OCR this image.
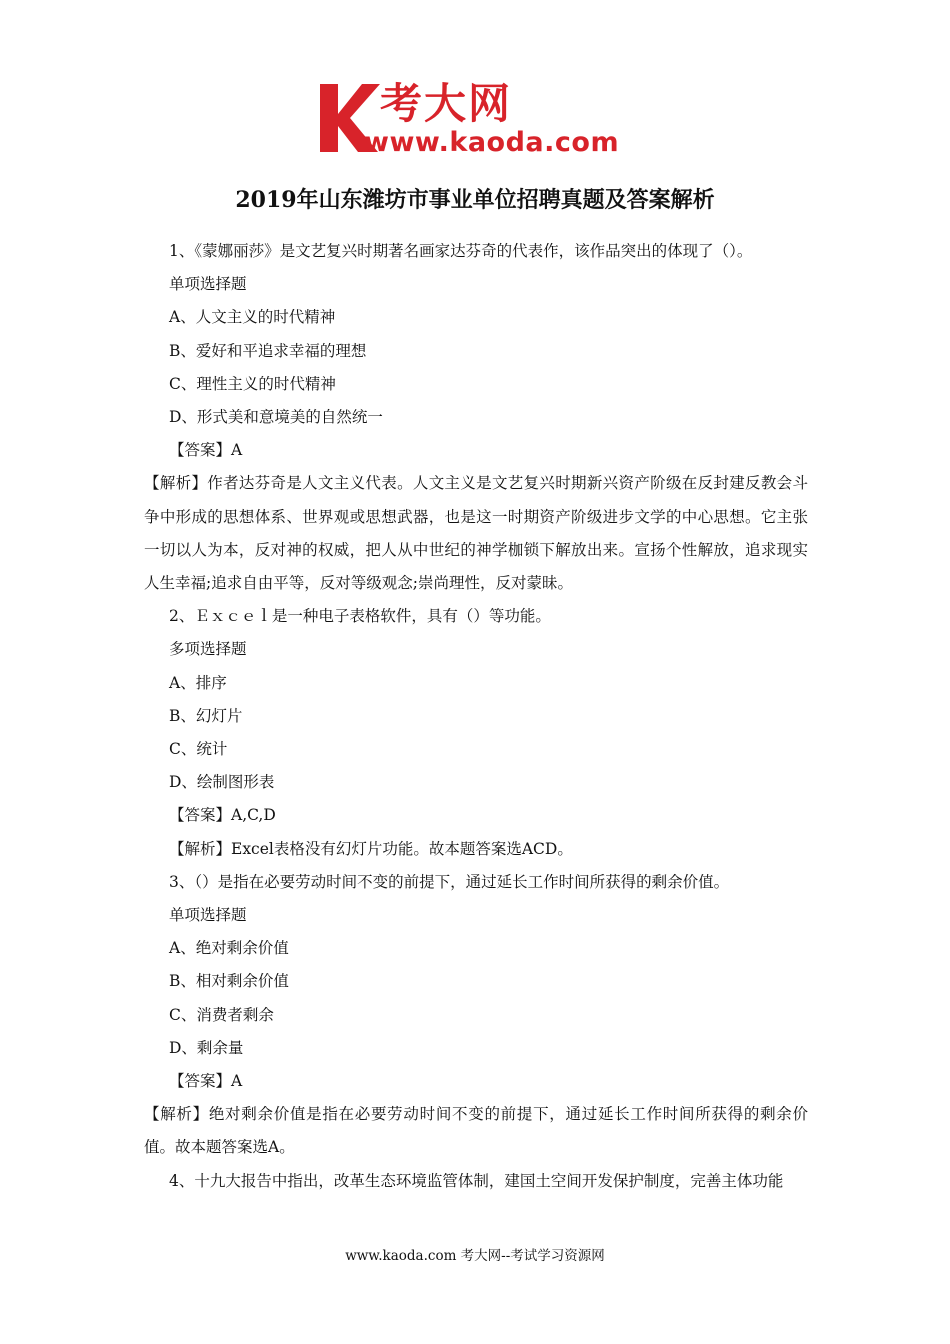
考大网
www.kaoda.com
2019年山东潍坊市事业单位招聘真题及答案解析

1、《蒙娜丽莎》是文艺复兴时期著名画家达芬奇的代表作，该作品突出的体现了（）。

单项选择题

A、人文主义的时代精神

B、爱好和平追求幸福的理想

C、理性主义的时代精神

D、形式美和意境美的自然统一

【答案】A

【解析】作者达芬奇是人文主义代表。人文主义是文艺复兴时期新兴资产阶级在反封建反教会斗争中形成的思想体系、世界观或思想武器，也是这一时期资产阶级进步文学的中心思想。它主张一切以人为本，反对神的权威，把人从中世纪的神学枷锁下解放出来。宣扬个性解放，追求现实人生幸福;追求自由平等，反对等级观念;崇尚理性，反对蒙昧。

2、Ｅｘｃｅｌ是一种电子表格软件，具有（）等功能。

多项选择题

A、排序

B、幻灯片

C、统计

D、绘制图形表

【答案】A,C,D

【解析】Excel表格没有幻灯片功能。故本题答案选ACD。

3、（）是指在必要劳动时间不变的前提下，通过延长工作时间所获得的剩余价值。

单项选择题

A、绝对剩余价值

B、相对剩余价值

C、消费者剩余

D、剩余量

【答案】A

【解析】绝对剩余价值是指在必要劳动时间不变的前提下，通过延长工作时间所获得的剩余价值。故本题答案选A。

4、十九大报告中指出，改革生态环境监管体制，建国土空间开发保护制度，完善主体功能

www.kaoda.com 考大网--考试学习资源网
